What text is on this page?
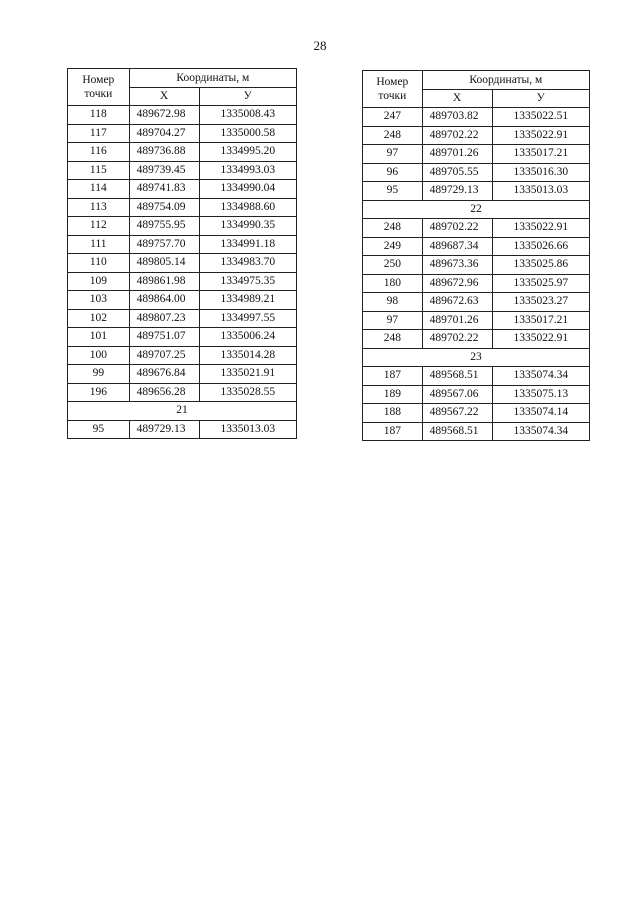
28
Номер
точки	Координаты, м	
	X	У
118	489672.98	1335008.43
117	489704.27	1335000.58
116	489736.88	1334995.20
115	489739.45	1334993.03
114	489741.83	1334990.04
113	489754.09	1334988.60
112	489755.95	1334990.35
111	489757.70	1334991.18
110	489805.14	1334983.70
109	489861.98	1334975.35
103	489864.00	1334989.21
102	489807.23	1334997.55
101	489751.07	1335006.24
100	489707.25	1335014.28
99	489676.84	1335021.91
196	489656.28	1335028.55
21		
95	489729.13	1335013.03
Номер
точки	Координаты, м	
	X	У
247	489703.82	1335022.51
248	489702.22	1335022.91
97	489701.26	1335017.21
96	489705.55	1335016.30
95	489729.13	1335013.03
22		
248	489702.22	1335022.91
249	489687.34	1335026.66
250	489673.36	1335025.86
180	489672.96	1335025.97
98	489672.63	1335023.27
97	489701.26	1335017.21
248	489702.22	1335022.91
23		
187	489568.51	1335074.34
189	489567.06	1335075.13
188	489567.22	1335074.14
187	489568.51	1335074.34
